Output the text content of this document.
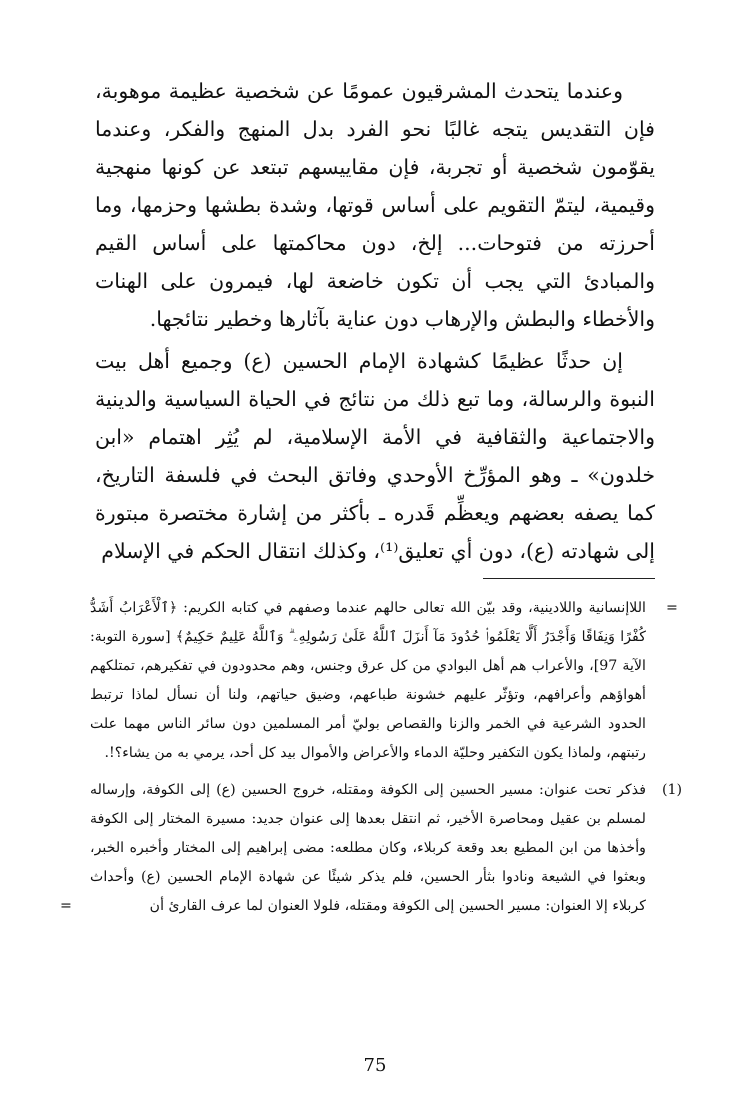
وعندما يتحدث المشرقيون عمومًا عن شخصية عظيمة موهوبة، فإن التقديس يتجه غالبًا نحو الفرد بدل المنهج والفكر، وعندما يقوّمون شخصية أو تجربة، فإن مقاييسهم تبتعد عن كونها منهجية وقيمية، ليتمّ التقويم على أساس قوتها، وشدة بطشها وحزمها، وما أحرزته من فتوحات... إلخ، دون محاكمتها على أساس القيم والمبادئ التي يجب أن تكون خاضعة لها، فيمرون على الهنات والأخطاء والبطش والإرهاب دون عناية بآثارها وخطير نتائجها.

إن حدثًا عظيمًا كشهادة الإمام الحسين (ع) وجميع أهل بيت النبوة والرسالة، وما تبع ذلك من نتائج في الحياة السياسية والدينية والاجتماعية والثقافية في الأمة الإسلامية، لم يُثِر اهتمام «ابن خلدون» ـ وهو المؤرِّخ الأوحدي وفاتق البحث في فلسفة التاريخ، كما يصفه بعضهم ويعظِّم قَدره ـ بأكثر من إشارة مختصرة مبتورة إلى شهادته (ع)، دون أي تعليق⁽¹⁾، وكذلك انتقال الحكم في الإسلام

=
اللاإنسانية واللادينية، وقد بيّن الله تعالى حالهم عندما وصفهم في كتابه الكريم: ﴿ٱلْأَعْرَابُ أَشَدُّ كُفْرًا وَنِفَاقًا وَأَجْدَرُ أَلَّا يَعْلَمُوا۟ حُدُودَ مَآ أَنزَلَ ٱللَّهُ عَلَىٰ رَسُولِهِۦ ۗ وَٱللَّهُ عَلِيمٌ حَكِيمٌ﴾ [سورة التوبة: الآية 97]، والأعراب هم أهل البوادي من كل عرق وجنس، وهم محدودون في تفكيرهم، تمتلكهم أهواؤهم وأعرافهم، وتؤثّر عليهم خشونة طباعهم، وضيق حياتهم، ولنا أن نسأل لماذا ترتبط الحدود الشرعية في الخمر والزنا والقصاص بوليّ أمر المسلمين دون سائر الناس مهما علت رتبتهم، ولماذا يكون التكفير وحليّة الدماء والأعراض والأموال بيد كل أحد، يرمي به من يشاء؟!.
(1)
فذكر تحت عنوان: مسير الحسين إلى الكوفة ومقتله، خروج الحسين (ع) إلى الكوفة، وإرساله لمسلم بن عقيل ومحاصرة الأخير، ثم انتقل بعدها إلى عنوان جديد: مسيرة المختار إلى الكوفة وأخذها من ابن المطيع بعد وقعة كربلاء، وكان مطلعه: مضى إبراهيم إلى المختار وأخبره الخبر، وبعثوا في الشيعة ونادوا بثأر الحسين، فلم يذكر شيئًا عن شهادة الإمام الحسين (ع) وأحداث كربلاء إلا العنوان: مسير الحسين إلى الكوفة ومقتله، فلولا العنوان لما عرف القارئ أن
=
75
